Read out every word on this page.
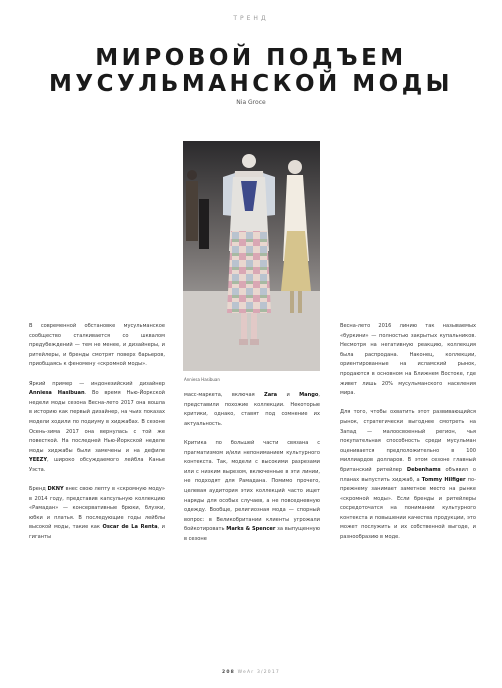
ТРЕНД
МИРОВОЙ ПОДЪЕМ
МУСУЛЬМАНСКОЙ МОДЫ
Nia Groce
Anniesa Hasibuan

В современной обстановке мусульманское сообщество сталкивается со шквалом предубеждений — тем не менее, и дизайнеры, и ритейлеры, и бренды смотрят поверх барьеров, приобщаясь к феномену «скромной моды».

Яркий пример — индонезийский дизайнер Anniesa Hasibuan. Во время Нью-Йоркской недели моды сезона Весна-лето 2017 она вошла в историю как первый дизайнер, на чьих показах модели ходили по подиуму в хиджабах. В сезоне Осень-зима 2017 она вернулась с той же повесткой. На последней Нью-Йоркской неделе моды хиджабы были замечены и на дефиле YEEZY, широко обсуждаемого лейбла Канье Уэста.

Бренд DKNY внес свою лепту в «скромную моду» в 2014 году, представив капсульную коллекцию «Рамадан» — консервативные брюки, блузки, юбки и платья. В последующие годы лейблы высокой моды, такие как Oscar de La Renta, и гиганты

масс-маркета, включая Zara и Mango, представили похожие коллекции. Некоторые критики, однако, ставят под сомнение их актуальность.

Критика по большей части связана с прагматизмом и/или непониманием культурного контекста. Так, модели с высокими разрезами или с низким вырезом, включенные в эти линии, не подходят для Рамадана. Помимо прочего, целевая аудитория этих коллекций часто ищет наряды для особых случаев, а не повседневную одежду. Вообще, религиозная мода — спорный вопрос: в Великобритании клиенты угрожали бойкотировать Marks & Spencer за выпущенную в сезоне

Весна-лето 2016 линию так называемых «буркини» — полностью закрытых купальников. Несмотря на негативную реакцию, коллекция была распродана. Наконец, коллекции, ориентированные на исламский рынок, продаются в основном на Ближнем Востоке, где живет лишь 20% мусульманского населения мира.

Для того, чтобы охватить этот развивающийся рынок, стратегически выгоднее смотреть на Запад — малоосвоенный регион, чья покупательная способность среди мусульман оценивается предположительно в 100 миллиардов долларов. В этом сезоне главный британский ритейлер Debenhams объявил о планах выпустить хиджаб, а Tommy Hilfiger по-прежнему занимает заметное место на рынке «скромной моды». Если бренды и ритейлеры сосредоточатся на понимании культурного контекста и повышении качества продукции, это может послужить и их собственной выгоде, и разнообразию в моде.

208 WeAr 3/2017
